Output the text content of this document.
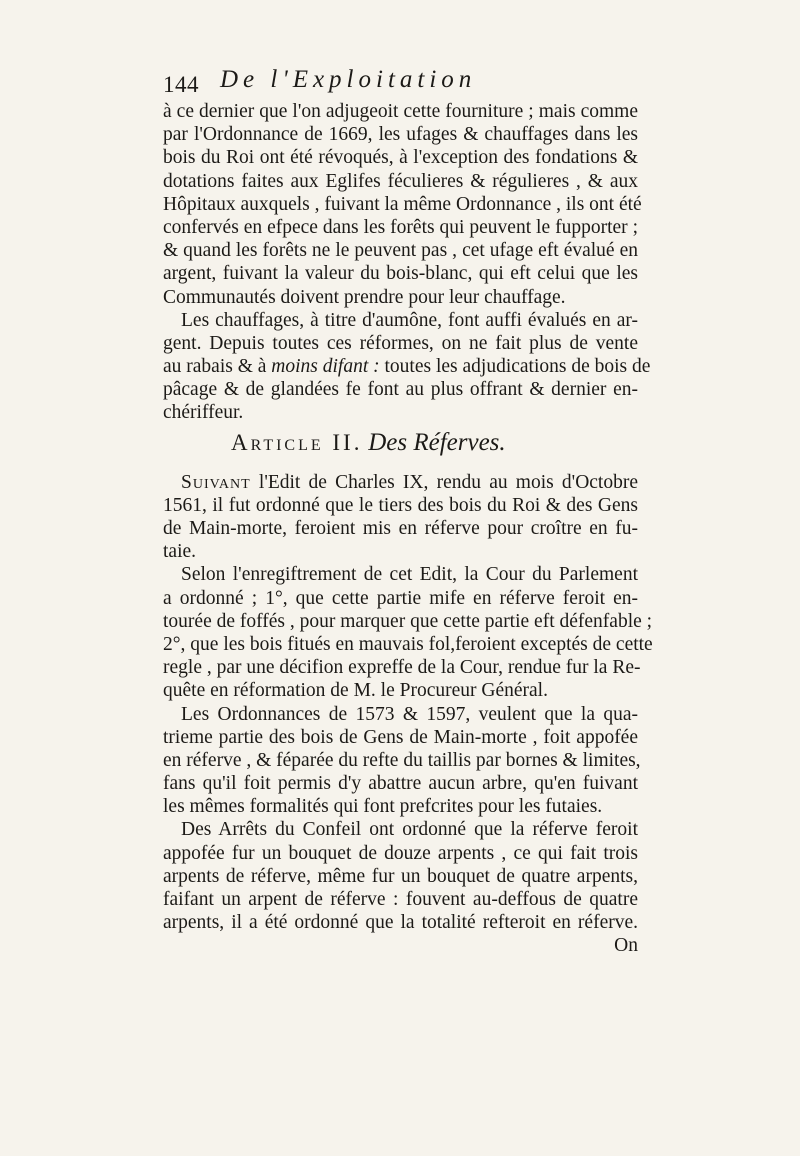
144 De l'Exploitation
à ce dernier que l'on adjugeoit cette fourniture ; mais comme
par l'Ordonnance de 1669, les ufages & chauffages dans les
bois du Roi ont été révoqués, à l'exception des fondations &
dotations faites aux Eglifes féculieres & régulieres , & aux
Hôpitaux auxquels , fuivant la même Ordonnance , ils ont été
confervés en efpece dans les forêts qui peuvent le fupporter ;
& quand les forêts ne le peuvent pas , cet ufage eft évalué en
argent, fuivant la valeur du bois-blanc, qui eft celui que les
Communautés doivent prendre pour leur chauffage.
Les chauffages, à titre d'aumône, font auffi évalués en ar-
gent. Depuis toutes ces réformes, on ne fait plus de vente
au rabais & à moins difant : toutes les adjudications de bois de
pâcage & de glandées fe font au plus offrant & dernier en-
chériffeur.
Article II. Des Réferves.
Suivant l'Edit de Charles IX, rendu au mois d'Octobre
1561, il fut ordonné que le tiers des bois du Roi & des Gens
de Main-morte, feroient mis en réferve pour croître en fu-
taie.
Selon l'enregiftrement de cet Edit, la Cour du Parlement
a ordonné ; 1°, que cette partie mife en réferve feroit en-
tourée de foffés , pour marquer que cette partie eft défenfable ;
2°, que les bois fitués en mauvais fol,feroient exceptés de cette
regle , par une décifion expreffe de la Cour, rendue fur la Re-
quête en réformation de M. le Procureur Général.
Les Ordonnances de 1573 & 1597, veulent que la qua-
trieme partie des bois de Gens de Main-morte , foit appofée
en réferve , & féparée du refte du taillis par bornes & limites,
fans qu'il foit permis d'y abattre aucun arbre, qu'en fuivant
les mêmes formalités qui font prefcrites pour les futaies.
Des Arrêts du Confeil ont ordonné que la réferve feroit
appofée fur un bouquet de douze arpents , ce qui fait trois
arpents de réferve, même fur un bouquet de quatre arpents,
faifant un arpent de réferve : fouvent au-deffous de quatre
arpents, il a été ordonné que la totalité refteroit en réferve.
On
